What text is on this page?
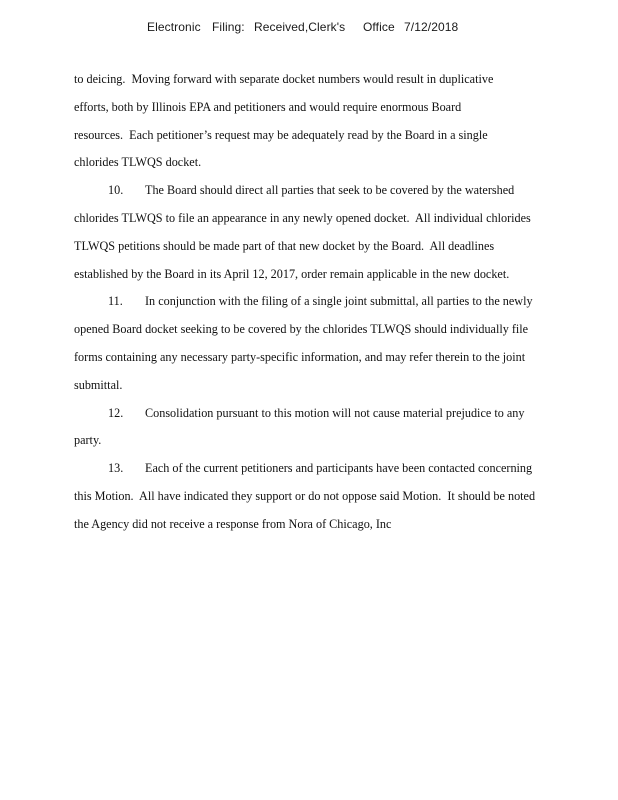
Electronic

Filing:

Received,Clerk's

Office

7/12/2018

to deicing.  Moving forward with separate docket numbers would result in duplicative
efforts, both by Illinois EPA and petitioners and would require enormous Board
resources.  Each petitioner’s request may be adequately read by the Board in a single
chlorides TLWQS docket.
10. The Board should direct all parties that seek to be covered by the watershed
chlorides TLWQS to file an appearance in any newly opened docket.  All individual chlorides
TLWQS petitions should be made part of that new docket by the Board.  All deadlines
established by the Board in its April 12, 2017, order remain applicable in the new docket.
11. In conjunction with the filing of a single joint submittal, all parties to the newly
opened Board docket seeking to be covered by the chlorides TLWQS should individually file
forms containing any necessary party-specific information, and may refer therein to the joint
submittal.
12. Consolidation pursuant to this motion will not cause material prejudice to any
party.
13. Each of the current petitioners and participants have been contacted concerning
this Motion.  All have indicated they support or do not oppose said Motion.  It should be noted
the Agency did not receive a response from Nora of Chicago, Inc
